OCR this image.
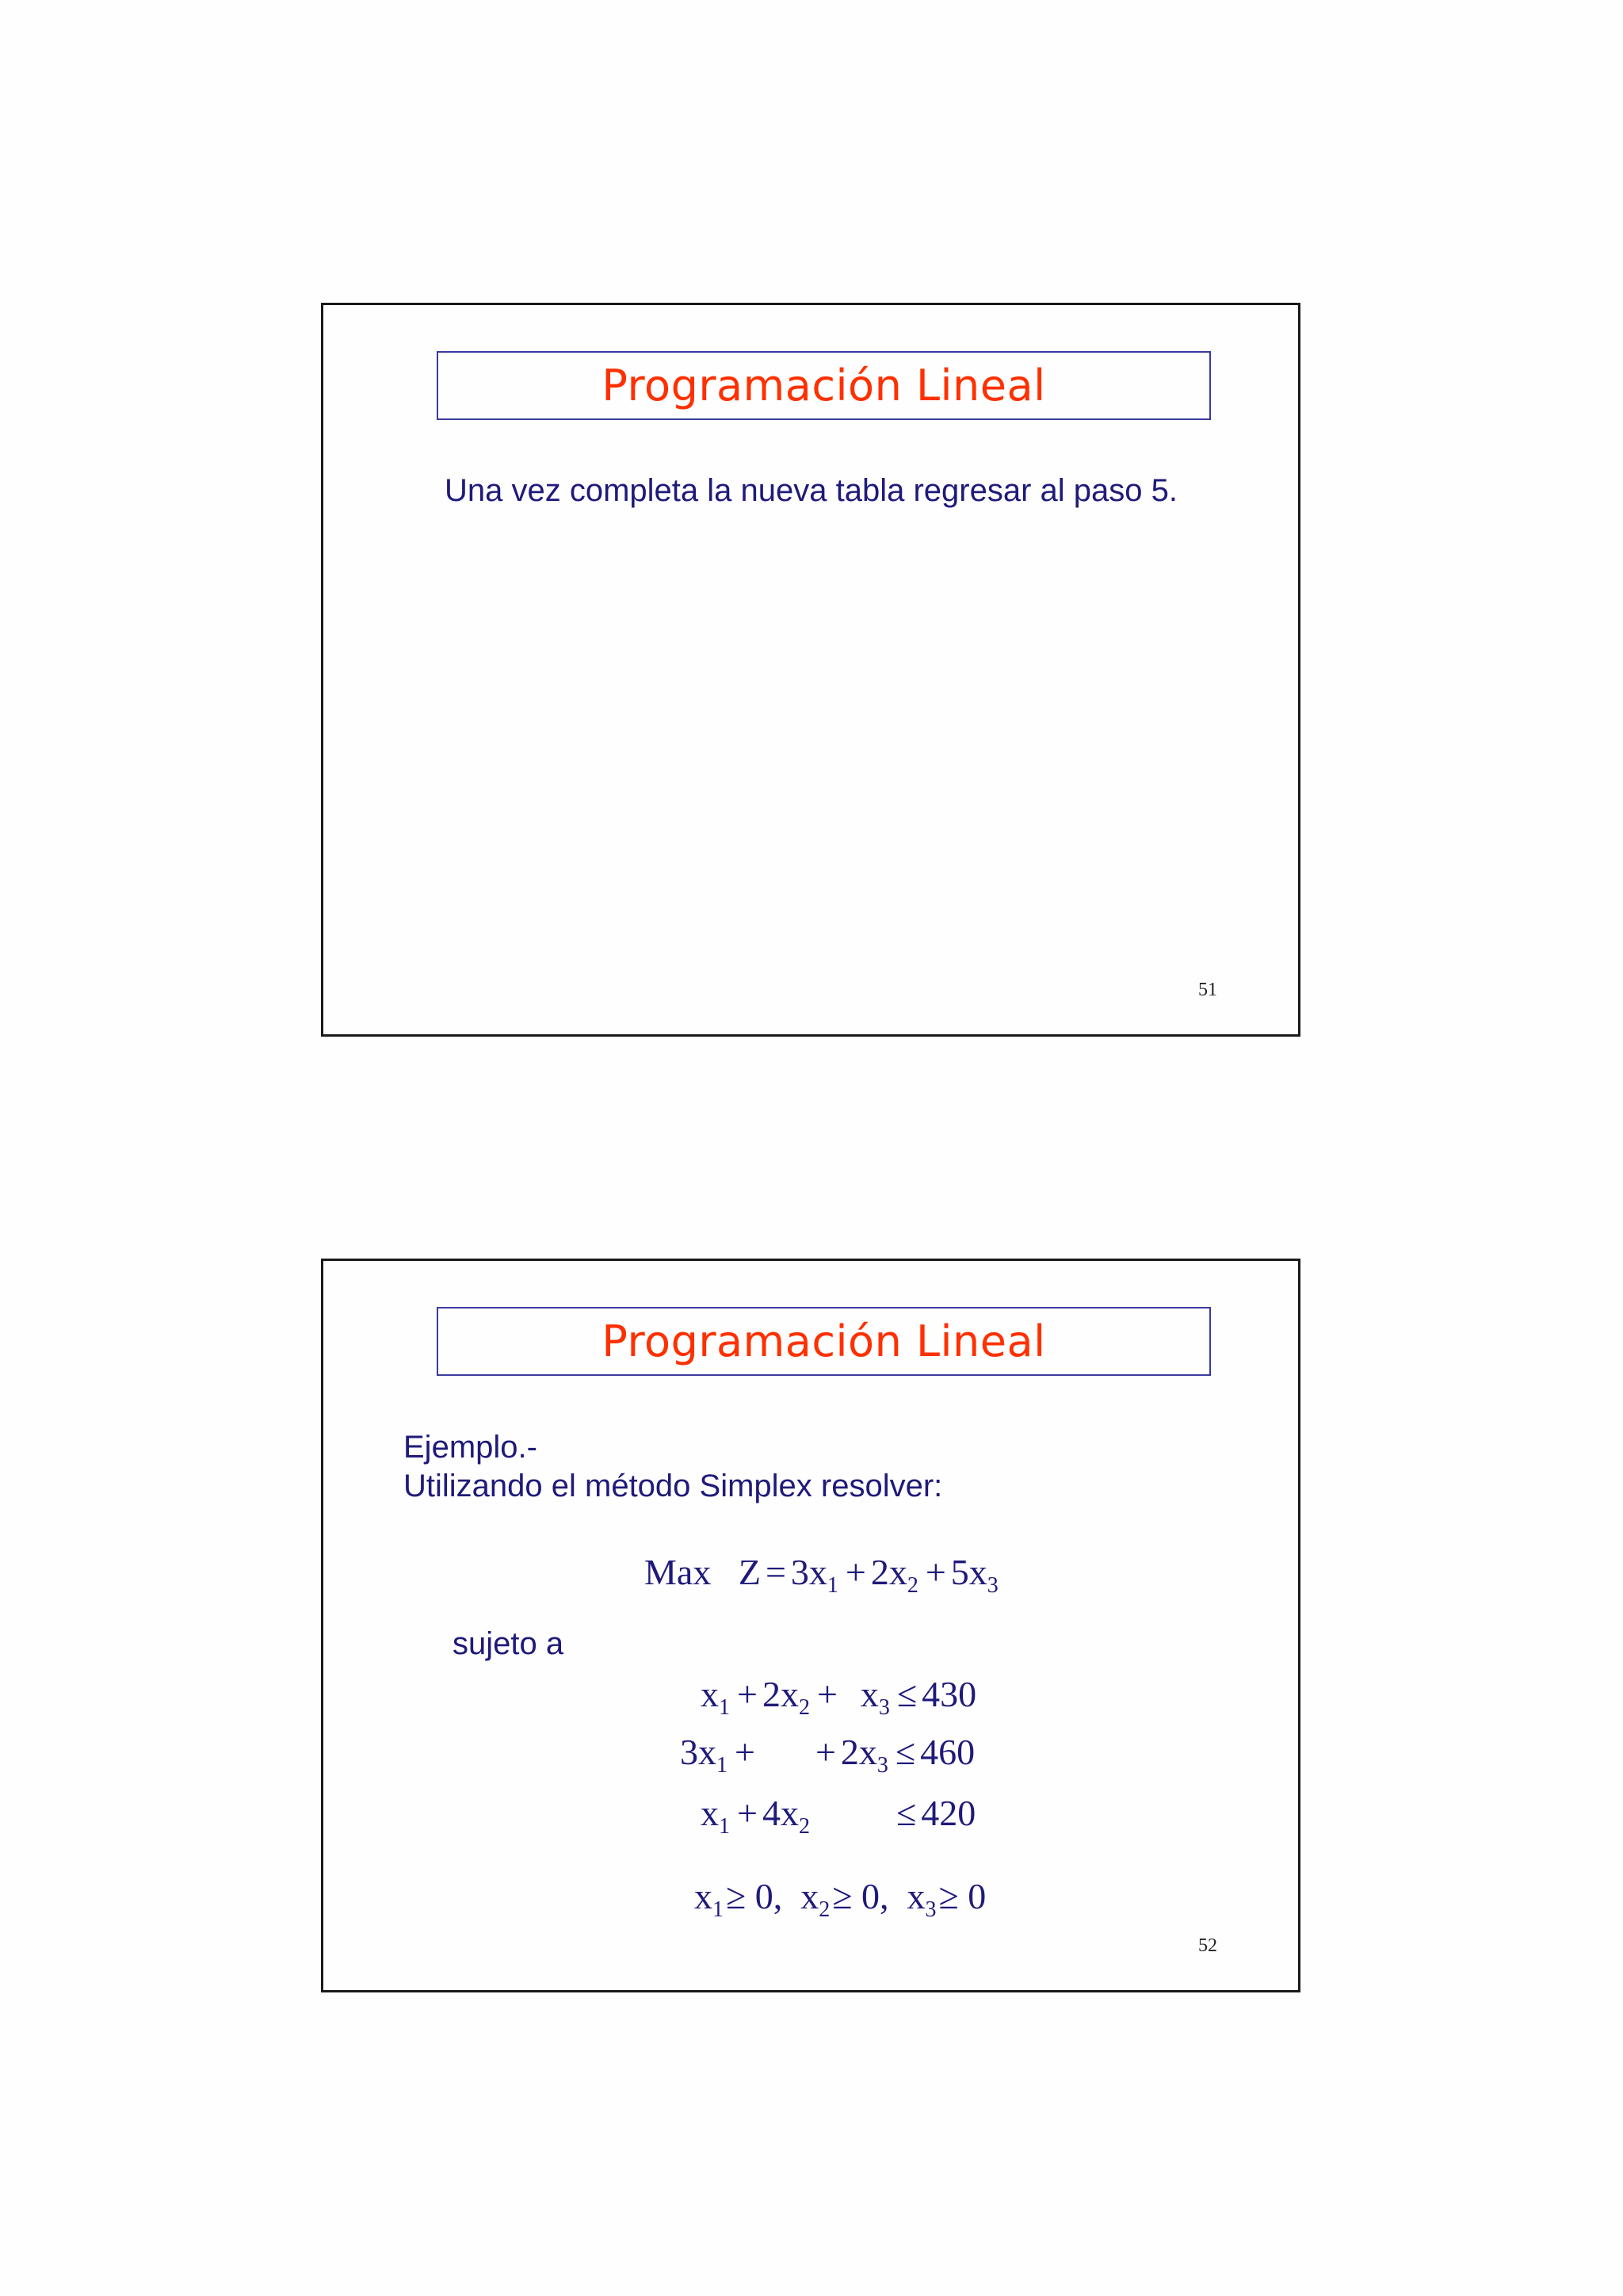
Programación Lineal
Una vez completa la nueva tabla regresar al paso 5.
51
Programación Lineal
Ejemplo.-
Utilizando el método Simplex resolver:
Max $Z = 3x_1 + 2x_2 + 5x_3$
sujeto a
$x_1 + 2x_2 + x_3 \le 430$
$3x_1$ + + $2x_3 \le 460$
$x_1 + 4x_2 \le 420$
$x_1\ge 0$, $x_2\ge 0$, $x_3\ge 0$
52
